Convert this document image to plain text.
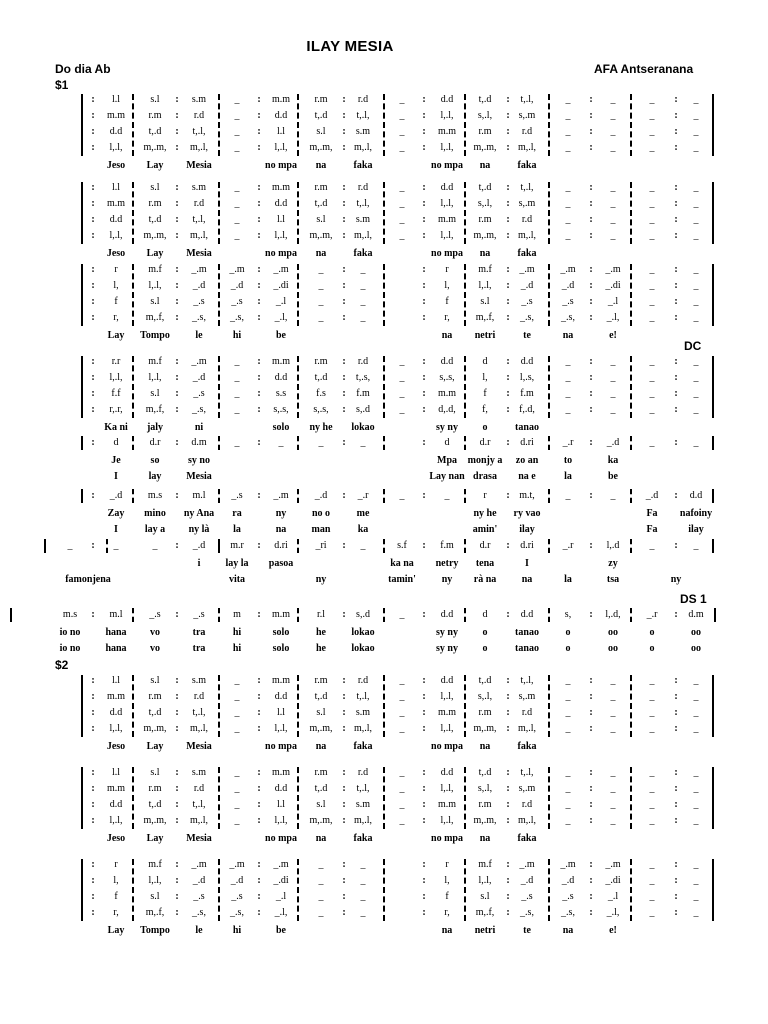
ILAY MESIA
Do dia Ab	AFA Antseranana
$1
DC
DS 1
$2
: l.l	s.l : s.m	_ : m.m r.m : r.d	_ : d.d	t,.d : t,.l,	_ : _	_ : _
: m.m r.m : r.d	_ : d.d	t,.d : t,.l,	_ : l,.l, s,.l, : s,.m	_ : _	_ : _
: d.d	t,.d : t,.l,	_ : l.l	s.l : s.m	_ : m.m r.m : r.d	_ : _	_ : _
: l,.l, m,.m, : m,.l,	_ : l,.l, m,.m, : m,.l,	_ : l,.l, m,.m, : m,.l,	_ : _	_ : _
Jeso Lay Mesia	no mpa na	faka	no mpa na	faka
: l.l	s.l : s.m	_ : m.m r.m : r.d	_ : d.d	t,.d : t,.l,	_ : _	_ : _
: m.m r.m : r.d	_ : d.d	t,.d : t,.l,	_ : l,.l, s,.l, : s,.m	_ : _	_ : _
: d.d	t,.d : t,.l,	_ : l.l	s.l : s.m	_ : m.m r.m : r.d	_ : _	_ : _
: l,.l, m,.m, : m,.l,	_ : l,.l, m,.m, : m,.l,	_ : l,.l, m,.m, : m,.l,	_ : _	_ : _
Jeso Lay Mesia	no mpa na	faka	no mpa na	faka
: r	m.f : _.m _.m : _.m	_ : _	: r	m.f : _.m	_.m : _.m	_ : _
: l,	l,.l, : _.d	_.d : _.di	_ : _	: l,	l,.l, : _.d	_.d : _.di	_ : _
: f	s.l : _.s	_.s : _.l	_ : _	: f	s.l : _.s	_.s : _.l	_ : _
: r,	m,.f, : _.s, _.s, : _.l,	_ : _	: r,	m,.f, : _.s,	_.s, : _.l,	_ : _
Lay Tompo	le	hi	be	na netri	te	na	e!
: r.r	m.f : _.m	_ : m.m r.m : r.d	_ : d.d	d : d.d	_ : _	_ : _
: l,.l,	l,.l, : _.d	_ : d.d	t,.d : t,.s,	_ : s,.s,	l, : l,.s,	_ : _	_ : _
: f.f	s.l : _.s	_ : s.s	f.s : f.m	_ : m.m	f : f.m	_ : _	_ : _
: r,.r, m,.f, : _.s,	_ : s,.s, s,.s, : s,.d	_ : d,.d,	f, : f,.d,	_ : _	_ : _
Ka ni jaly	ni	solo ny he lokao	sy ny o	tanao
: d	d.r : d.m	_ : _	_ : _	: d	d.r : d.ri	_.r : _.d	_ : _
Je	so	sy no	Mpa monjy a zo an	to	ka
I	lay Mesia	Lay nan drasa na e	la	be
: _.d	m.s : m.l	_.s : _.m	_.d : _.r	_ : _	r : m.t,	_ : _	_.d : d.d
Zay mino ny Ana ra	ny	no o	me	ny he ry vao	Fa nafoiny
I	lay a ny là la	na	man	ka	amin' ilay	Fa	ilay
_ : _	_ : _.d m.r : d.ri	_ri : _	s.f : f.m	d.r : d.ri	_.r : l,.d	_ : _
i	lay la pasoa	ka na netry tena	I	zy
famonjena	vita	ny	tamin'	ny rà na	na	la	tsa	ny
m.s : m.l	_.s : _.s	m : m.m	r.l : s,.d	_ : d.d	d : d.d	s, : l,.d,	_.r : d.m
io no	hana vo	tra	hi	solo	he	lokao	sy ny o	tanao	o	oo	o	oo
io no	hana vo	tra	hi	solo	he	lokao	sy ny o	tanao	o	oo	o	oo
: l.l	s.l : s.m	_ : m.m r.m : r.d	_ : d.d	t,.d : t,.l,	_ : _	_ : _
: m.m r.m : r.d	_ : d.d	t,.d : t,.l,	_ : l,.l, s,.l, : s,.m	_ : _	_ : _
: d.d	t,.d : t,.l,	_ : l.l	s.l : s.m	_ : m.m r.m : r.d	_ : _	_ : _
: l,.l, m,.m, : m,.l,	_ : l,.l, m,.m, : m,.l,	_ : l,.l, m,.m, : m,.l,	_ : _	_ : _
Jeso Lay Mesia	no mpa na	faka	no mpa na	faka
: l.l	s.l : s.m	_ : m.m r.m : r.d	_ : d.d	t,.d : t,.l,	_ : _	_ : _
: m.m r.m : r.d	_ : d.d	t,.d : t,.l,	_ : l,.l, s,.l, : s,.m	_ : _	_ : _
: d.d	t,.d : t,.l,	_ : l.l	s.l : s.m	_ : m.m r.m : r.d	_ : _	_ : _
: l,.l, m,.m, : m,.l,	_ : l,.l, m,.m, : m,.l,	_ : l,.l, m,.m, : m,.l,	_ : _	_ : _
Jeso Lay Mesia	no mpa na	faka	no mpa na	faka
: r	m.f : _.m _.m : _.m	_ : _	: r	m.f : _.m	_.m : _.m	_ : _
: l,	l,.l, : _.d	_.d : _.di	_ : _	: l,	l,.l, : _.d	_.d : _.di	_ : _
: f	s.l : _.s	_.s : _.l	_ : _	: f	s.l : _.s	_.s : _.l	_ : _
: r,	m,.f, : _.s, _.s, : _.l,	_ : _	: r,	m,.f, : _.s,	_.s, : _.l,	_ : _
Lay Tompo	le	hi	be	na netri	te	na	e!
